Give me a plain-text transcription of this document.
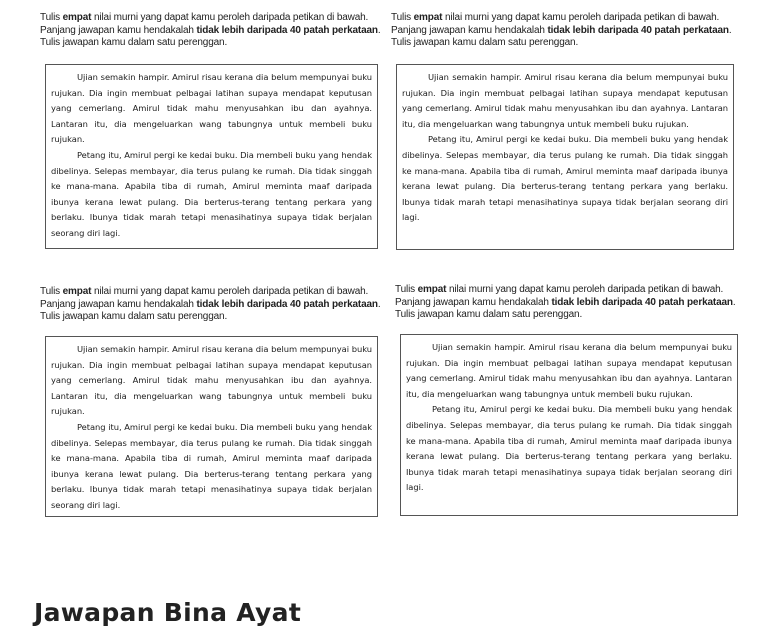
Tulis empat nilai murni yang dapat kamu peroleh daripada petikan di bawah. Panjang jawapan kamu hendakalah tidak lebih daripada 40 patah perkataan. Tulis jawapan kamu dalam satu perenggan.

Ujian semakin hampir. Amirul risau kerana dia belum mempunyai buku rujukan. Dia ingin membuat pelbagai latihan supaya mendapat keputusan yang cemerlang. Amirul tidak mahu menyusahkan ibu dan ayahnya. Lantaran itu, dia mengeluarkan wang tabungnya untuk membeli buku rujukan.

Petang itu, Amirul pergi ke kedai buku. Dia membeli buku yang hendak dibelinya. Selepas membayar, dia terus pulang ke rumah. Dia tidak singgah ke mana-mana. Apabila tiba di rumah, Amirul meminta maaf daripada ibunya kerana lewat pulang. Dia berterus-terang tentang perkara yang berlaku. Ibunya tidak marah tetapi menasihatinya supaya tidak berjalan seorang diri lagi.

Tulis empat nilai murni yang dapat kamu peroleh daripada petikan di bawah. Panjang jawapan kamu hendakalah tidak lebih daripada 40 patah perkataan. Tulis jawapan kamu dalam satu perenggan.

Ujian semakin hampir. Amirul risau kerana dia belum mempunyai buku rujukan. Dia ingin membuat pelbagai latihan supaya mendapat keputusan yang cemerlang. Amirul tidak mahu menyusahkan ibu dan ayahnya. Lantaran itu, dia mengeluarkan wang tabungnya untuk membeli buku rujukan.

Petang itu, Amirul pergi ke kedai buku. Dia membeli buku yang hendak dibelinya. Selepas membayar, dia terus pulang ke rumah. Dia tidak singgah ke mana-mana. Apabila tiba di rumah, Amirul meminta maaf daripada ibunya kerana lewat pulang. Dia berterus-terang tentang perkara yang berlaku. Ibunya tidak marah tetapi menasihatinya supaya tidak berjalan seorang diri lagi.

Tulis empat nilai murni yang dapat kamu peroleh daripada petikan di bawah. Panjang jawapan kamu hendakalah tidak lebih daripada 40 patah perkataan. Tulis jawapan kamu dalam satu perenggan.

Ujian semakin hampir. Amirul risau kerana dia belum mempunyai buku rujukan. Dia ingin membuat pelbagai latihan supaya mendapat keputusan yang cemerlang. Amirul tidak mahu menyusahkan ibu dan ayahnya. Lantaran itu, dia mengeluarkan wang tabungnya untuk membeli buku rujukan.

Petang itu, Amirul pergi ke kedai buku. Dia membeli buku yang hendak dibelinya. Selepas membayar, dia terus pulang ke rumah. Dia tidak singgah ke mana-mana. Apabila tiba di rumah, Amirul meminta maaf daripada ibunya kerana lewat pulang. Dia berterus-terang tentang perkara yang berlaku. Ibunya tidak marah tetapi menasihatinya supaya tidak berjalan seorang diri lagi.

Tulis empat nilai murni yang dapat kamu peroleh daripada petikan di bawah. Panjang jawapan kamu hendakalah tidak lebih daripada 40 patah perkataan. Tulis jawapan kamu dalam satu perenggan.

Ujian semakin hampir. Amirul risau kerana dia belum mempunyai buku rujukan. Dia ingin membuat pelbagai latihan supaya mendapat keputusan yang cemerlang. Amirul tidak mahu menyusahkan ibu dan ayahnya. Lantaran itu, dia mengeluarkan wang tabungnya untuk membeli buku rujukan.

Petang itu, Amirul pergi ke kedai buku. Dia membeli buku yang hendak dibelinya. Selepas membayar, dia terus pulang ke rumah. Dia tidak singgah ke mana-mana. Apabila tiba di rumah, Amirul meminta maaf daripada ibunya kerana lewat pulang. Dia berterus-terang tentang perkara yang berlaku. Ibunya tidak marah tetapi menasihatinya supaya tidak berjalan seorang diri lagi.

Jawapan Bina Ayat
